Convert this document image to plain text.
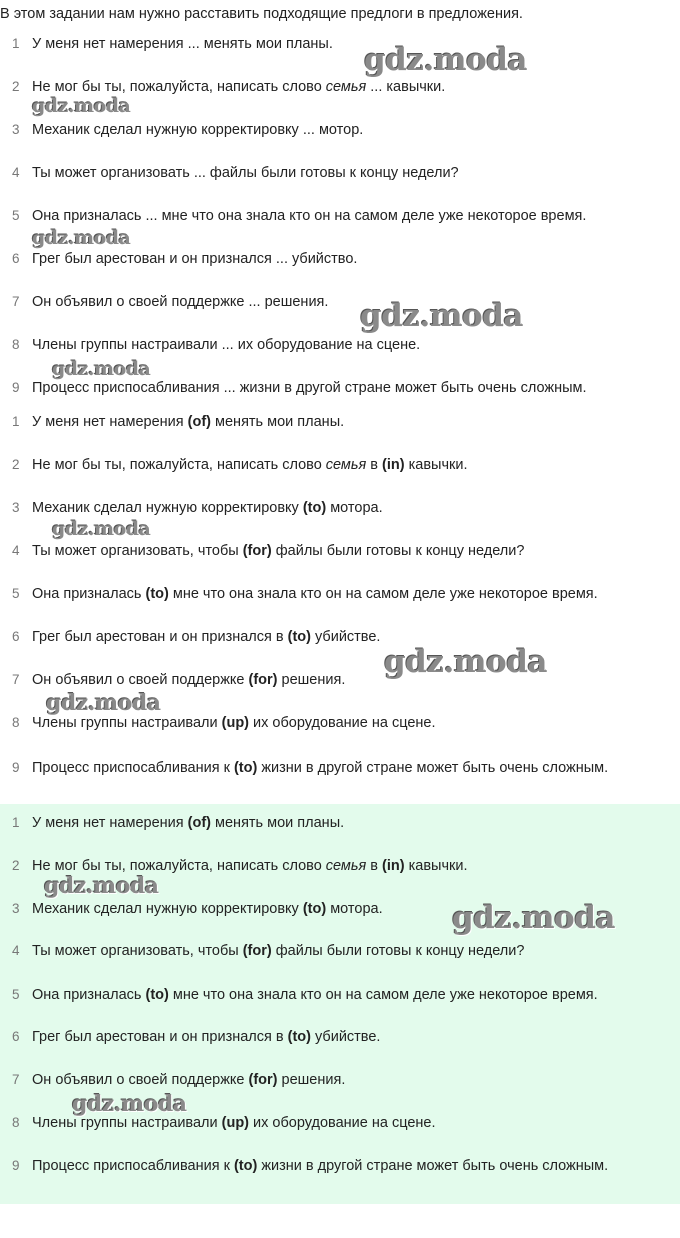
В этом задании нам нужно расставить подходящие предлоги в предложения.
1 У меня нет намерения ... менять мои планы.
2 Не мог бы ты, пожалуйста, написать слово семья ... кавычки.
3 Механик сделал нужную корректировку ... мотор.
4 Ты может организовать ... файлы были готовы к концу недели?
5 Она призналась ... мне что она знала кто он на самом деле уже некоторое время.
6 Грег был арестован и он признался ... убийство.
7 Он объявил о своей поддержке ... решения.
8 Члены группы настраивали ... их оборудование на сцене.
9 Процесс приспосабливания ... жизни в другой стране может быть очень сложным.
1 У меня нет намерения (of) менять мои планы.
2 Не мог бы ты, пожалуйста, написать слово семья в (in) кавычки.
3 Механик сделал нужную корректировку (to) мотора.
4 Ты может организовать, чтобы (for) файлы были готовы к концу недели?
5 Она призналась (to) мне что она знала кто он на самом деле уже некоторое время.
6 Грег был арестован и он признался в (to) убийстве.
7 Он объявил о своей поддержке (for) решения.
8 Члены группы настраивали (up) их оборудование на сцене.
9 Процесс приспосабливания к (to) жизни в другой стране может быть очень сложным.
1 У меня нет намерения (of) менять мои планы.
2 Не мог бы ты, пожалуйста, написать слово семья в (in) кавычки.
3 Механик сделал нужную корректировку (to) мотора.
4 Ты может организовать, чтобы (for) файлы были готовы к концу недели?
5 Она призналась (to) мне что она знала кто он на самом деле уже некоторое время.
6 Грег был арестован и он признался в (to) убийстве.
7 Он объявил о своей поддержке (for) решения.
8 Члены группы настраивали (up) их оборудование на сцене.
9 Процесс приспосабливания к (to) жизни в другой стране может быть очень сложным.
gdz.moda
gdz.moda
gdz.moda
gdz.moda
gdz.moda
gdz.moda
gdz.moda
gdz.moda
gdz.moda
gdz.moda
gdz.moda
